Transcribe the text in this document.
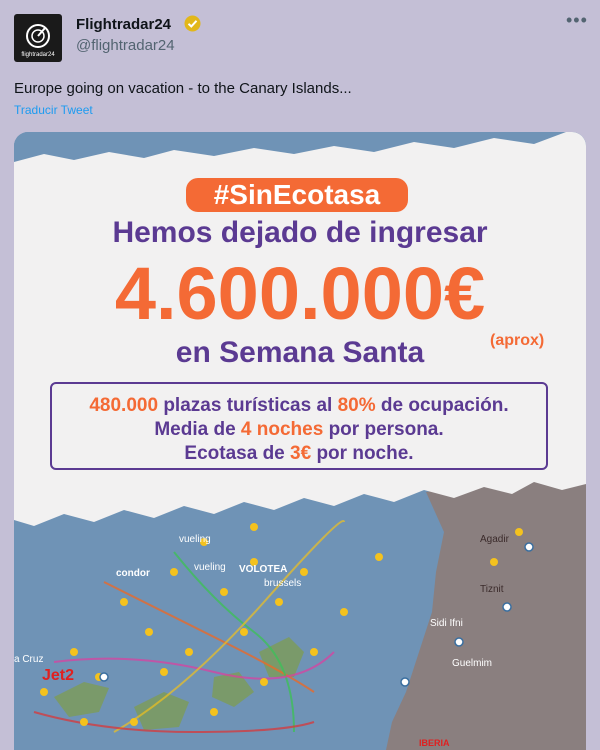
flightradar24
Flightradar24
@flightradar24
•••
Europe going on vacation - to the Canary Islands...
Traducir Tweet
Agadir
Tiznit
Sidi Ifni
Guelmim
condor
vueling
vueling VOLOTEA
brussels
Jet2
IBERIA
a Cruz
#SinEcotasa
Hemos dejado de ingresar
4.600.000€
(aprox)
en Semana Santa
480.000 plazas turísticas al 80% de ocupación.
Media de 4 noches por persona.
Ecotasa de 3€ por noche.
